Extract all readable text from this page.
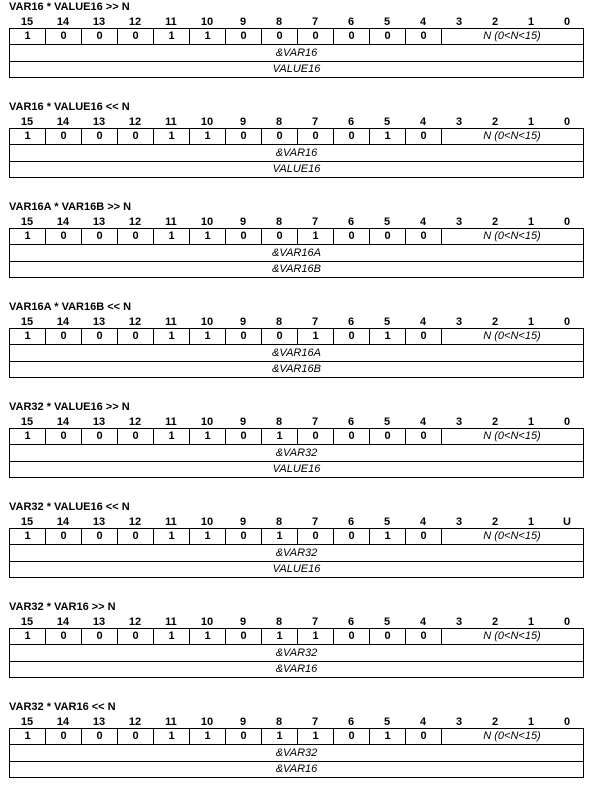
VAR16 * VALUE16 >> N
15	14	13	12	11	10	9	8	7	6	5	4	3	2	1	0
1	0	0	0	1	1	0	0	0	0	0	0	N (0<N<15)
&VAR16
VALUE16
VAR16 * VALUE16 << N
15	14	13	12	11	10	9	8	7	6	5	4	3	2	1	0
1	0	0	0	1	1	0	0	0	0	1	0	N (0<N<15)
&VAR16
VALUE16
VAR16A * VAR16B >> N
15	14	13	12	11	10	9	8	7	6	5	4	3	2	1	0
1	0	0	0	1	1	0	0	1	0	0	0	N (0<N<15)
&VAR16A
&VAR16B
VAR16A * VAR16B << N
15	14	13	12	11	10	9	8	7	6	5	4	3	2	1	0
1	0	0	0	1	1	0	0	1	0	1	0	N (0<N<15)
&VAR16A
&VAR16B
VAR32 * VALUE16 >> N
15	14	13	12	11	10	9	8	7	6	5	4	3	2	1	0
1	0	0	0	1	1	0	1	0	0	0	0	N (0<N<15)
&VAR32
VALUE16
VAR32 * VALUE16 << N
15	14	13	12	11	10	9	8	7	6	5	4	3	2	1	U
1	0	0	0	1	1	0	1	0	0	1	0	N (0<N<15)
&VAR32
VALUE16
VAR32 * VAR16 >> N
15	14	13	12	11	10	9	8	7	6	5	4	3	2	1	0
1	0	0	0	1	1	0	1	1	0	0	0	N (0<N<15)
&VAR32
&VAR16
VAR32 * VAR16 << N
15	14	13	12	11	10	9	8	7	6	5	4	3	2	1	0
1	0	0	0	1	1	0	1	1	0	1	0	N (0<N<15)
&VAR32
&VAR16
